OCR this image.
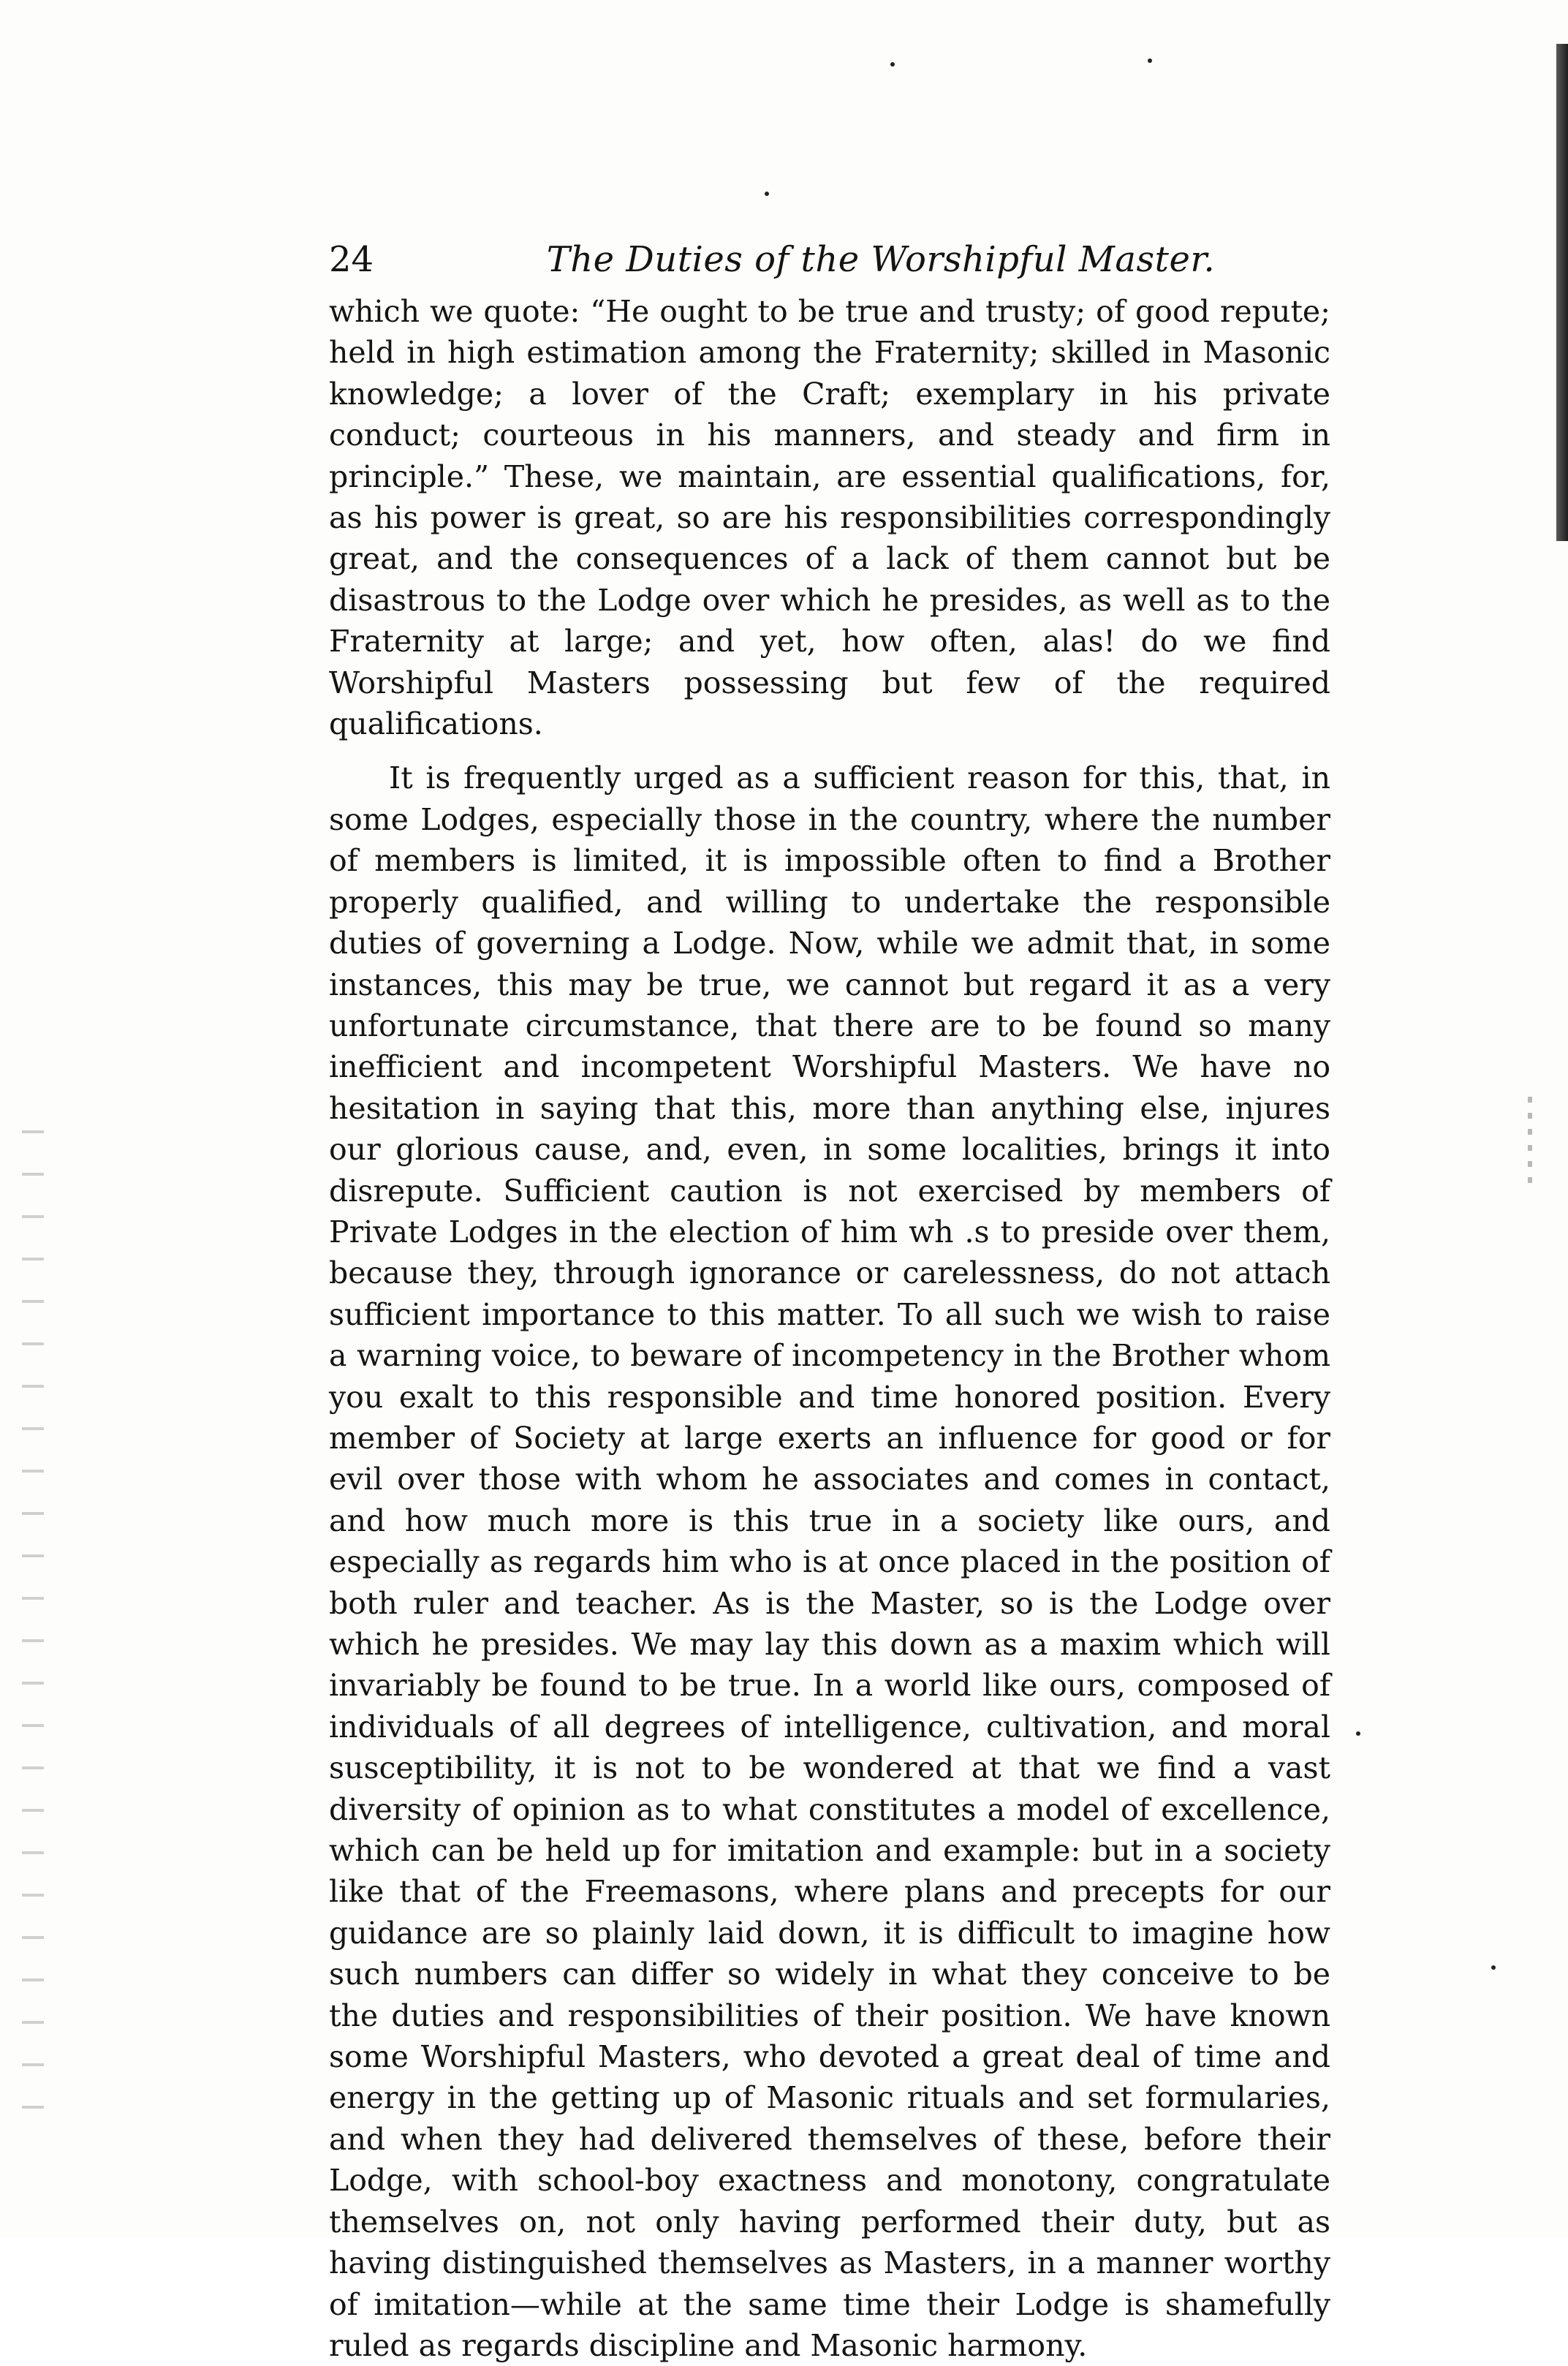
24	The Duties of the Worshipful Master.

which we quote: “He ought to be true and trusty; of good repute; held in high estimation among the Fraternity; skilled in Masonic knowledge; a lover of the Craft; exemplary in his private conduct; courteous in his manners, and steady and firm in principle.” These, we maintain, are essential qualifications, for, as his power is great, so are his responsibilities correspondingly great, and the consequences of a lack of them cannot but be disastrous to the Lodge over which he presides, as well as to the Fraternity at large; and yet, how often, alas! do we find Worshipful Masters possessing but few of the required qualifications.

It is frequently urged as a sufficient reason for this, that, in some Lodges, especially those in the country, where the number of members is limited, it is impossible often to find a Brother properly qualified, and willing to undertake the responsible duties of governing a Lodge. Now, while we admit that, in some instances, this may be true, we cannot but regard it as a very unfortunate circumstance, that there are to be found so many inefficient and incompetent Worshipful Masters. We have no hesitation in saying that this, more than anything else, injures our glorious cause, and, even, in some localities, brings it into disrepute. Sufficient caution is not exercised by members of Private Lodges in the election of him wh .s to preside over them, because they, through ignorance or carelessness, do not attach sufficient importance to this matter. To all such we wish to raise a warning voice, to beware of incompetency in the Brother whom you exalt to this responsible and time honored position. Every member of Society at large exerts an influence for good or for evil over those with whom he associates and comes in contact, and how much more is this true in a society like ours, and especially as regards him who is at once placed in the position of both ruler and teacher. As is the Master, so is the Lodge over which he presides. We may lay this down as a maxim which will invariably be found to be true. In a world like ours, composed of individuals of all degrees of intelligence, cultivation, and moral susceptibility, it is not to be wondered at that we find a vast diversity of opinion as to what constitutes a model of excellence, which can be held up for imitation and example: but in a society like that of the Freemasons, where plans and precepts for our guidance are so plainly laid down, it is difficult to imagine how such numbers can differ so widely in what they conceive to be the duties and responsibilities of their position. We have known some Worshipful Masters, who devoted a great deal of time and energy in the getting up of Masonic rituals and set formularies, and when they had delivered themselves of these, before their Lodge, with school-boy exactness and monotony, congratulate themselves on, not only having performed their duty, but as having distinguished themselves as Masters, in a manner worthy of imitation—while at the same time their Lodge is shamefully ruled as regards discipline and Masonic harmony.
